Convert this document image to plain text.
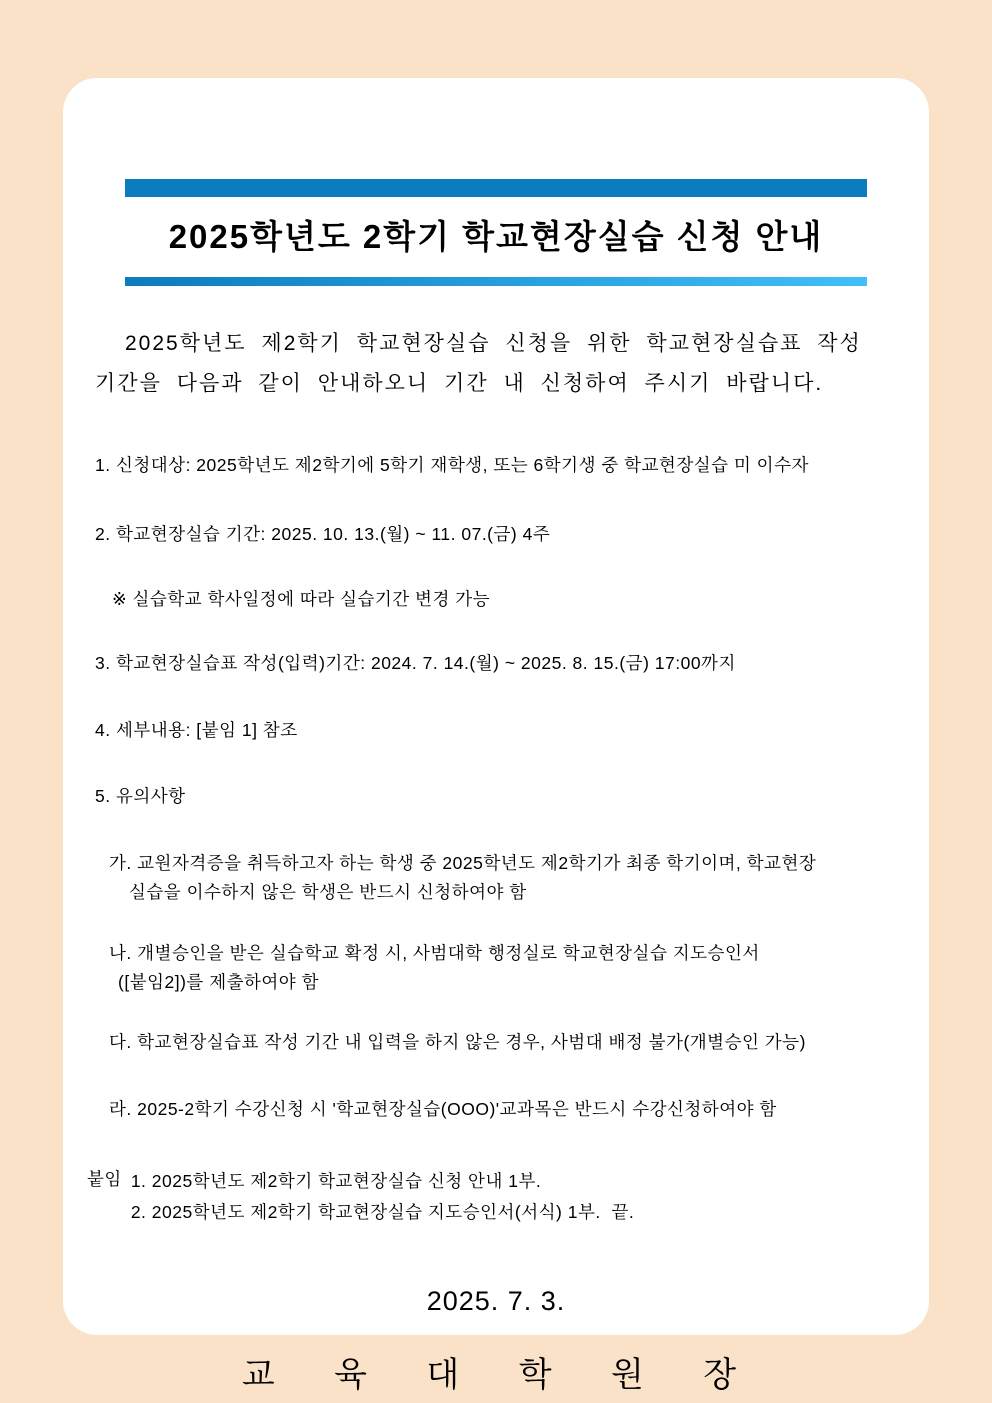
2025학년도 2학기 학교현장실습 신청 안내
2025학년도 제2학기 학교현장실습 신청을 위한 학교현장실습표 작성
기간을 다음과 같이 안내하오니 기간 내 신청하여 주시기 바랍니다.
1. 신청대상: 2025학년도 제2학기에 5학기 재학생, 또는 6학기생 중 학교현장실습 미 이수자
2. 학교현장실습 기간: 2025. 10. 13.(월) ~ 11. 07.(금) 4주
※ 실습학교 학사일정에 따라 실습기간 변경 가능
3. 학교현장실습표 작성(입력)기간: 2024. 7. 14.(월) ~ 2025. 8. 15.(금) 17:00까지
4. 세부내용: [붙임 1] 참조
5. 유의사항
가. 교원자격증을 취득하고자 하는 학생 중 2025학년도 제2학기가 최종 학기이며, 학교현장
실습을 이수하지 않은 학생은 반드시 신청하여야 함
나. 개별승인을 받은 실습학교 확정 시, 사범대학 행정실로 학교현장실습 지도승인서
([붙임2])를 제출하여야 함
다. 학교현장실습표 작성 기간 내 입력을 하지 않은 경우, 사범대 배정 불가(개별승인 가능)
라. 2025-2학기 수강신청 시 '학교현장실습(OOO)'교과목은 반드시 수강신청하여야 함
붙임 1. 2025학년도 제2학기 학교현장실습 신청 안내 1부.
2. 2025학년도 제2학기 학교현장실습 지도승인서(서식) 1부.  끝.
2025. 7. 3.
교 육 대 학 원 장
